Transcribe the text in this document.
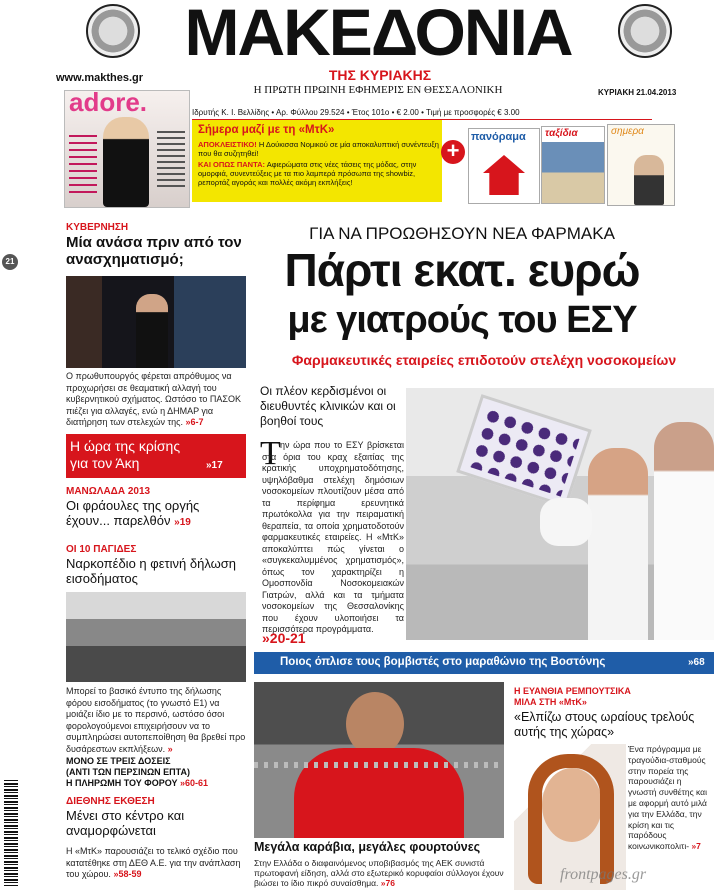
ΜΑΚΕΔΟΝΙΑ
ΤΗΣ ΚΥΡΙΑΚΗΣ
Η ΠΡΩΤΗ ΠΡΩΙΝΗ ΕΦΗΜΕΡΙΣ ΕΝ ΘΕΣΣΑΛΟΝΙΚΗ
www.makthes.gr
ΚΥΡΙΑΚΗ 21.04.2013
adore.	Ιδρυτής Κ. Ι. Βελλίδης • Αρ. Φύλλου 29.524 • Έτος 101ο • € 2.00 • Τιμή με προσφορές € 3.00
Σήμερα μαζί με τη «ΜτΚ»
ΑΠΟΚΛΕΙΣΤΙΚΟ! Η Δούκισσα Νομικού σε μία αποκαλυπτική συνέντευξη που θα συζητηθεί!
ΚΑΙ ΟΠΩΣ ΠΑΝΤΑ: Αφιερώματα στις νέες τάσεις της μόδας, στην ομορφιά, συνεντεύξεις με τα πιο λαμπερά πρόσωπα της showbiz, ρεπορτάζ αγοράς και πολλές ακόμη εκπλήξεις!
+
πανόραμα	ταξίδια	σημερα
21
ΚΥΒΕΡΝΗΣΗ
Μία ανάσα πριν από τον ανασχηματισμό;
Ο πρωθυπουργός φέρεται απρόθυμος να προχωρήσει σε θεαματική αλλαγή του κυβερνητικού σχήματος. Ωστόσο το ΠΑΣΟΚ πιέζει για αλλαγές, ενώ η ΔΗΜΑΡ για διατήρηση των στελεχών της. »6-7
Η ώρα της κρίσης για τον Άκη	»17
ΜΑΝΩΛΑΔΑ 2013
Οι φράουλες της οργής έχουν... παρελθόν »19
ΟΙ 10 ΠΑΓΙΔΕΣ
Ναρκοπέδιο η φετινή δήλωση εισοδήματος
Μπορεί το βασικό έντυπο της δήλωσης φόρου εισοδήματος (το γνωστό Ε1) να μοιάζει ίδιο με το περσινό, ωστόσο όσοι φορολογούμενοι επιχειρήσουν να το συμπληρώσει αυτοπεποίθηση θα βρεθεί προ δυσάρεστων εκπλήξεων. »
ΜΟΝΟ ΣΕ ΤΡΕΙΣ ΔΟΣΕΙΣ
(ΑΝΤΙ ΤΩΝ ΠΕΡΣΙΝΩΝ ΕΠΤΑ)
Η ΠΛΗΡΩΜΗ ΤΟΥ ΦΟΡΟΥ »60-61
ΔΙΕΘΝΗΣ ΕΚΘΕΣΗ
Μένει στο κέντρο και αναμορφώνεται
Η «ΜτΚ» παρουσιάζει το τελικό σχέδιο που κατατέθηκε στη ΔΕΘ Α.Ε. για την ανάπλαση του χώρου. »58-59
ΓΙΑ ΝΑ ΠΡΟΩΘΗΣΟΥΝ ΝΕΑ ΦΑΡΜΑΚΑ
Πάρτι εκατ. ευρώ
με γιατρούς του ΕΣΥ
Φαρμακευτικές εταιρείες επιδοτούν στελέχη νοσοκομείων
Οι πλέον κερδισμένοι οι διευθυντές κλινικών και οι βοηθοί τους
Τ ην ώρα που το ΕΣΥ βρίσκεται στα όρια του κραχ εξαιτίας της κρατικής υποχρηματοδότησης, υψηλόβαθμα στελέχη δημόσιων νοσοκομείων πλουτίζουν μέσα από τα περίφημα ερευνητικά πρωτόκολλα για την πειραματική θεραπεία, τα οποία χρηματοδοτούν φαρμακευτικές εταιρείες. Η «ΜτΚ» αποκαλύπτει πώς γίνεται ο «συγκεκαλυμμένος χρηματισμός», όπως τον χαρακτηρίζει η Ομοσπονδία Νοσοκομειακών Γιατρών, αλλά και τα τμήματα νοσοκομείων της Θεσσαλονίκης που έχουν υλοποιήσει τα περισσότερα προγράμματα.
»20-21
Ποιος όπλισε τους βομβιστές στο μαραθώνιο της Βοστόνης	»68
Μεγάλα καράβια, μεγάλες φουρτούνες
Στην Ελλάδα ο διαφαινόμενος υποβιβασμός της ΑΕΚ συνιστά πρωτοφανή είδηση, αλλά στο εξωτερικό κορυφαίοι σύλλογοι έχουν βιώσει το ίδιο πικρό συναίσθημα. »76
Η ΕΥΑΝΘΙΑ ΡΕΜΠΟΥΤΣΙΚΑ
ΜΙΛΑ ΣΤΗ «ΜτΚ»
«Ελπίζω στους ωραίους τρελούς αυτής της χώρας»
Ένα πρόγραμμα με τραγούδια-σταθμούς στην πορεία της παρουσιάζει η γνωστή συνθέτης και με αφορμή αυτό μιλά για την Ελλάδα, την κρίση και τις παρόδους κοινωνικοπολιτι- »7
frontpages.gr
